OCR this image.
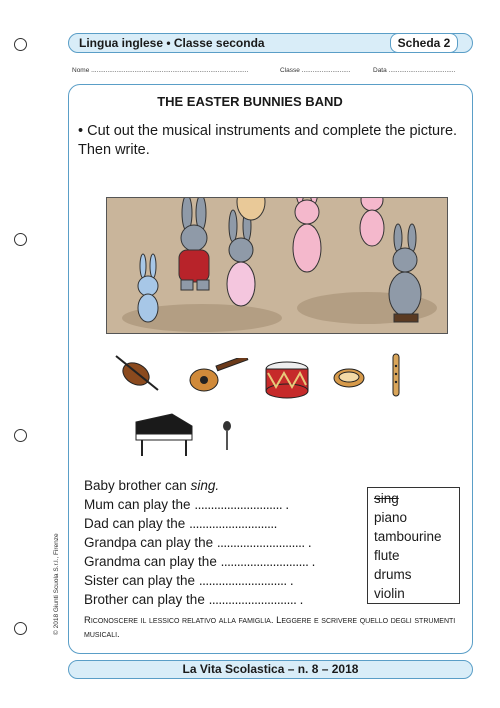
Lingua inglese • Classe seconda	Scheda 2
Nome .......................................................................................	Classe ...........................	Data .....................................
© 2018 Giunti Scuola S.r.l., Firenze
THE EASTER BUNNIES BAND
• Cut out the musical instruments and complete the picture. Then write.
Baby brother can sing.
Mum can play the ........................... .
Dad can play the ...........................
Grandpa can play the ........................... .
Grandma can play the ........................... .
Sister can play the ........................... .
Brother can play the ........................... .
sing
piano
tambourine
flute
drums
violin
Riconoscere il lessico relativo alla famiglia. Leggere e scrivere quello degli strumenti musicali.
La Vita Scolastica – n. 8 – 2018
